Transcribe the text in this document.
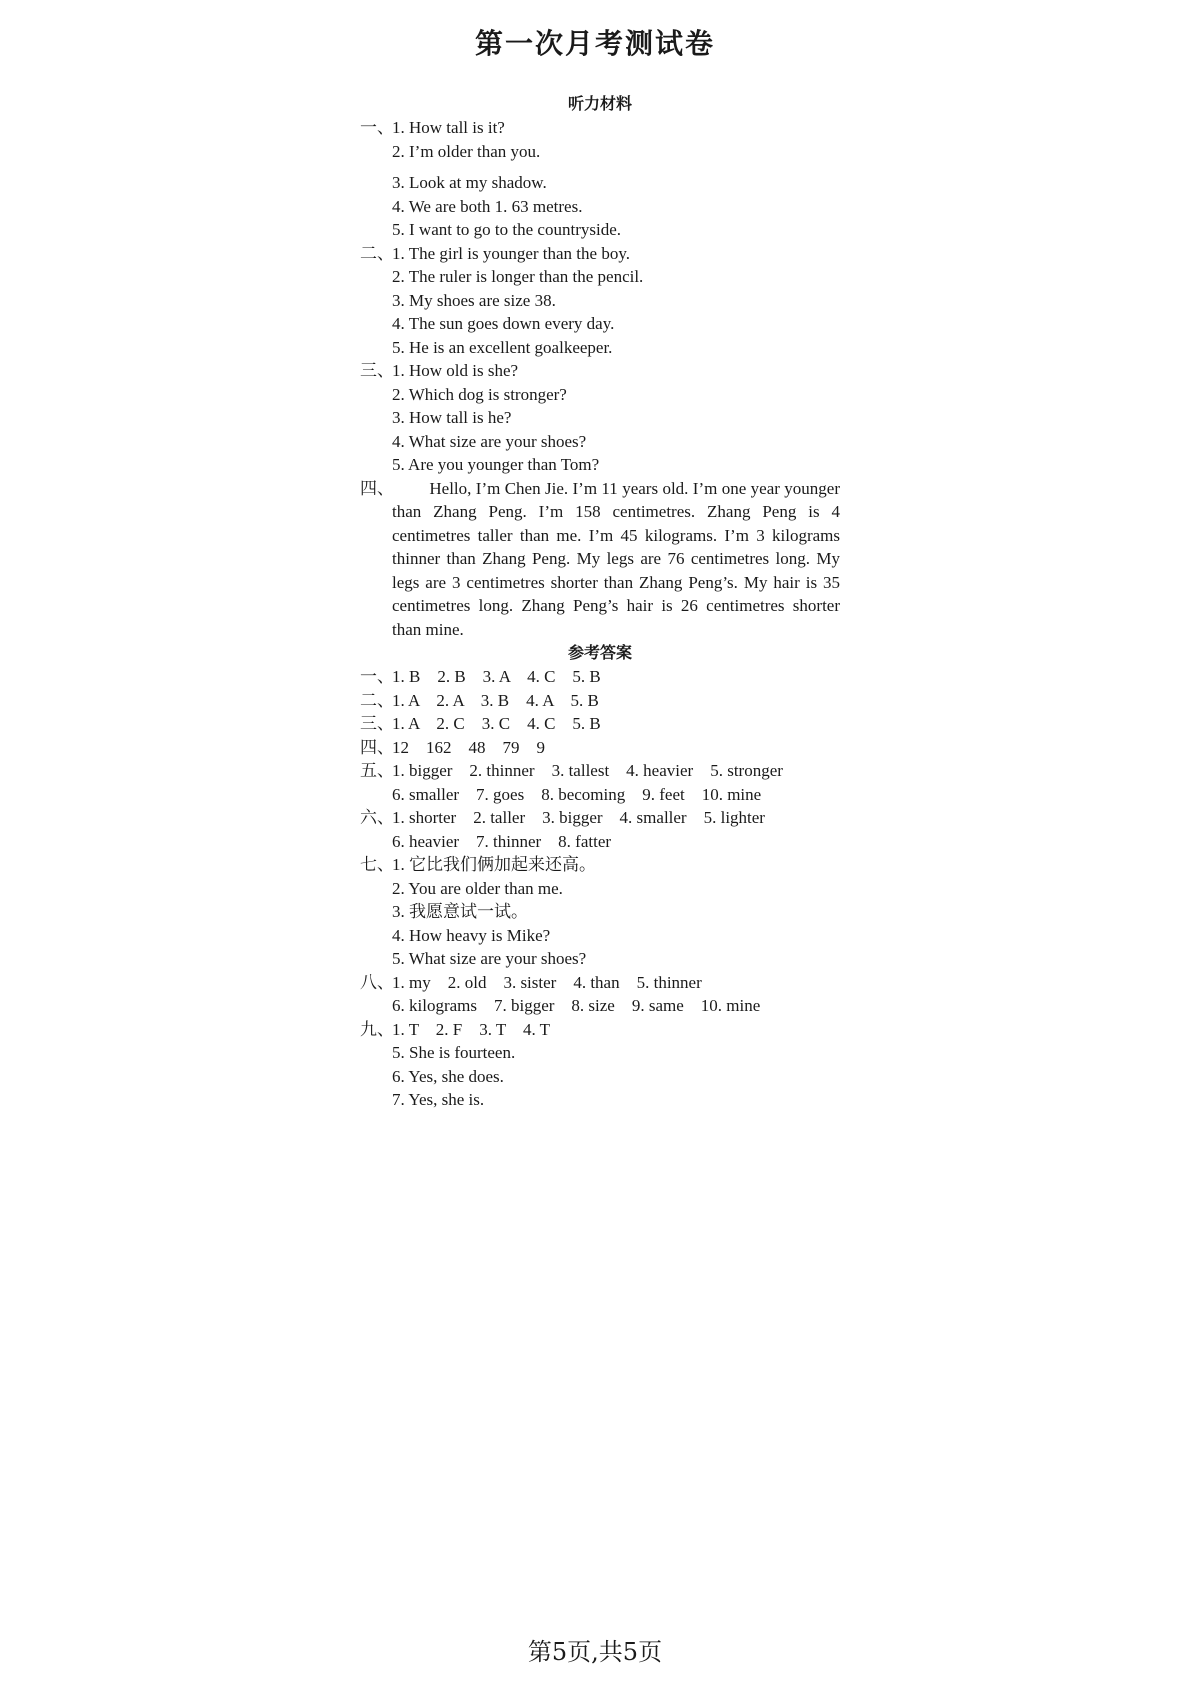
第一次月考测试卷
听力材料
一、
1. How tall is it?
2. I’m older than you.
3. Look at my shadow.
4. We are both 1. 63 metres.
5. I want to go to the countryside.
二、
1. The girl is younger than the boy.
2. The ruler is longer than the pencil.
3. My shoes are size 38.
4. The sun goes down every day.
5. He is an excellent goalkeeper.
三、
1. How old is she?
2. Which dog is stronger?
3. How tall is he?
4. What size are your shoes?
5. Are you younger than Tom?
四、	Hello, I’m Chen Jie. I’m 11 years old. I’m one year younger than Zhang Peng. I’m 158 centimetres. Zhang Peng is 4 centimetres taller than me. I’m 45 kilograms. I’m 3 kilograms thinner than Zhang Peng. My legs are 76 centimetres long. My legs are 3 centimetres shorter than Zhang Peng’s. My hair is 35 centimetres long. Zhang Peng’s hair is 26 centimetres shorter than mine.
参考答案
一、
1. B　2. B　3. A　4. C　5. B
二、
1. A　2. A　3. B　4. A　5. B
三、
1. A　2. C　3. C　4. C　5. B
四、
12　162　48　79　9
五、
1. bigger　2. thinner　3. tallest　4. heavier　5. stronger
6. smaller　7. goes　8. becoming　9. feet　10. mine
六、
1. shorter　2. taller　3. bigger　4. smaller　5. lighter
6. heavier　7. thinner　8. fatter
七、
1. 它比我们俩加起来还高。
2. You are older than me.
3. 我愿意试一试。
4. How heavy is Mike?
5. What size are your shoes?
八、
1. my　2. old　3. sister　4. than　5. thinner
6. kilograms　7. bigger　8. size　9. same　10. mine
九、
1. T　2. F　3. T　4. T
5. She is fourteen.
6. Yes, she does.
7. Yes, she is.
第5页,共5页
